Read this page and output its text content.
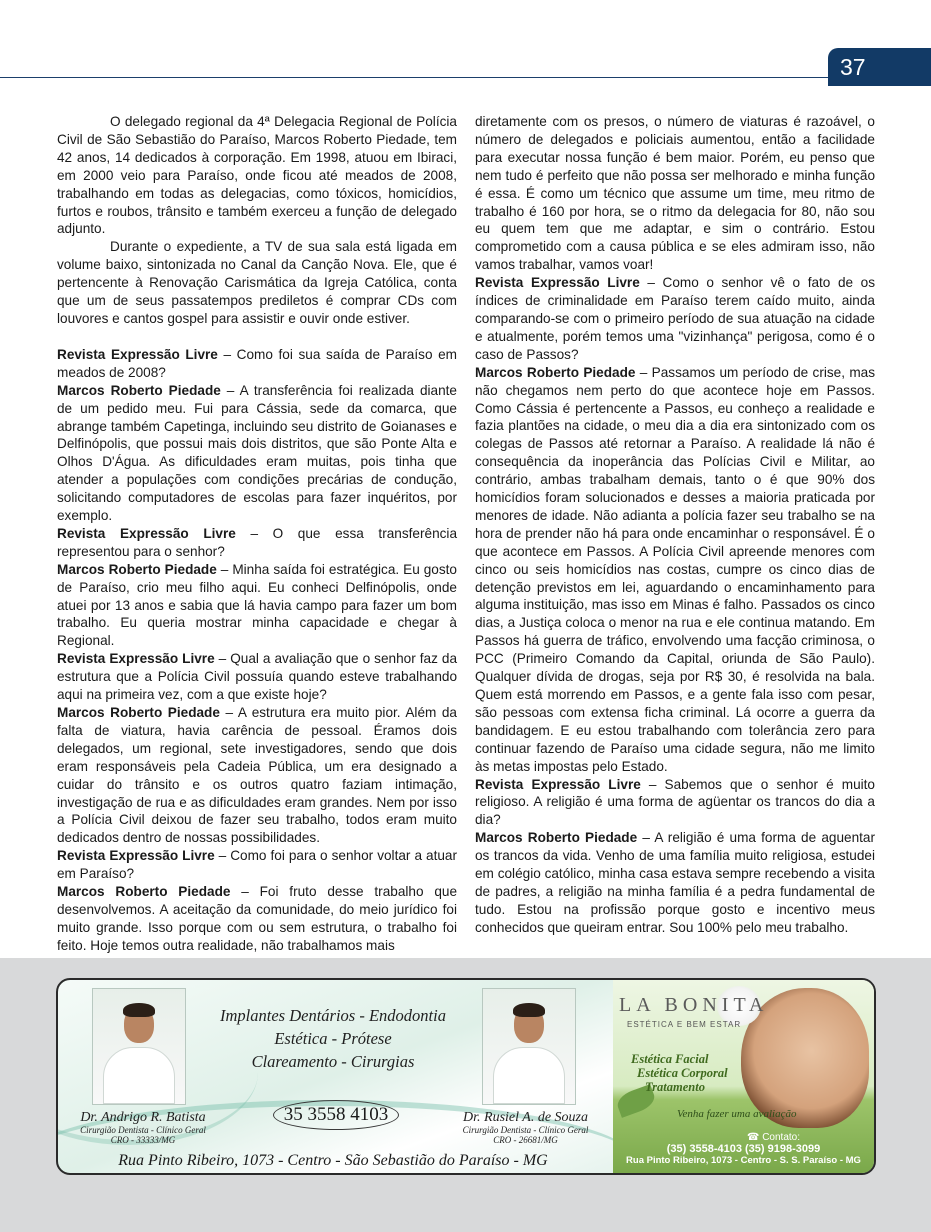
37

O delegado regional da 4ª Delegacia Regional de Polícia Civil de São Sebastião do Paraíso, Marcos Roberto Piedade, tem 42 anos, 14 dedicados à corporação. Em 1998, atuou em Ibiraci, em 2000 veio para Paraíso, onde ficou até meados de 2008, trabalhando em todas as delegacias, como tóxicos, homicídios, furtos e roubos, trânsito e também exerceu a função de delegado adjunto.

Durante o expediente, a TV de sua sala está ligada em volume baixo, sintonizada no Canal da Canção Nova. Ele, que é pertencente à Renovação Carismática da Igreja Católica, conta que um de seus passatempos prediletos é comprar CDs com louvores e cantos gospel para assistir e ouvir onde estiver.

Revista Expressão Livre – Como foi sua saída de Paraíso em meados de 2008?

Marcos Roberto Piedade – A transferência foi realizada diante de um pedido meu. Fui para Cássia, sede da comarca, que abrange também Capetinga, incluindo seu distrito de Goianases e Delfinópolis, que possui mais dois distritos, que são Ponte Alta e Olhos D'Água. As dificuldades eram muitas, pois tinha que atender a populações com condições precárias de condução, solicitando computadores de escolas para fazer inquéritos, por exemplo.

Revista Expressão Livre – O que essa transferência representou para o senhor?

Marcos Roberto Piedade – Minha saída foi estratégica. Eu gosto de Paraíso, crio meu filho aqui. Eu conheci Delfinópolis, onde atuei por 13 anos e sabia que lá havia campo para fazer um bom trabalho. Eu queria mostrar minha capacidade e chegar à Regional.

Revista Expressão Livre – Qual a avaliação que o senhor faz da estrutura que a Polícia Civil possuía quando esteve trabalhando aqui na primeira vez, com a que existe hoje?

Marcos Roberto Piedade – A estrutura era muito pior. Além da falta de viatura, havia carência de pessoal. Éramos dois delegados, um regional, sete investigadores, sendo que dois eram responsáveis pela Cadeia Pública, um era designado a cuidar do trânsito e os outros quatro faziam intimação, investigação de rua e as dificuldades eram grandes. Nem por isso a Polícia Civil deixou de fazer seu trabalho, todos eram muito dedicados dentro de nossas possibilidades.

Revista Expressão Livre – Como foi para o senhor voltar a atuar em Paraíso?

Marcos Roberto Piedade – Foi fruto desse trabalho que desenvolvemos. A aceitação da comunidade, do meio jurídico foi muito grande. Isso porque com ou sem estrutura, o trabalho foi feito. Hoje temos outra realidade, não trabalhamos mais

diretamente com os presos, o número de viaturas é razoável, o número de delegados e policiais aumentou, então a facilidade para executar nossa função é bem maior. Porém, eu penso que nem tudo é perfeito que não possa ser melhorado e minha função é essa. É como um técnico que assume um time, meu ritmo de trabalho é 160 por hora, se o ritmo da delegacia for 80, não sou eu quem tem que me adaptar, e sim o contrário. Estou comprometido com a causa pública e se eles admiram isso, não vamos trabalhar, vamos voar!

Revista Expressão Livre – Como o senhor vê o fato de os índices de criminalidade em Paraíso terem caído muito, ainda comparando-se com o primeiro período de sua atuação na cidade e atualmente, porém temos uma "vizinhança" perigosa, como é o caso de Passos?

Marcos Roberto Piedade – Passamos um período de crise, mas não chegamos nem perto do que acontece hoje em Passos. Como Cássia é pertencente a Passos, eu conheço a realidade e fazia plantões na cidade, o meu dia a dia era sintonizado com os colegas de Passos até retornar a Paraíso. A realidade lá não é consequência da inoperância das Polícias Civil e Militar, ao contrário, ambas trabalham demais, tanto o é que 90% dos homicídios foram solucionados e desses a maioria praticada por menores de idade. Não adianta a polícia fazer seu trabalho se na hora de prender não há para onde encaminhar o responsável. É o que acontece em Passos. A Polícia Civil apreende menores com cinco ou seis homicídios nas costas, cumpre os cinco dias de detenção previstos em lei, aguardando o encaminhamento para alguma instituição, mas isso em Minas é falho. Passados os cinco dias, a Justiça coloca o menor na rua e ele continua matando. Em Passos há guerra de tráfico, envolvendo uma facção criminosa, o PCC (Primeiro Comando da Capital, oriunda de São Paulo). Qualquer dívida de drogas, seja por R$ 30, é resolvida na bala. Quem está morrendo em Passos, e a gente fala isso com pesar, são pessoas com extensa ficha criminal. Lá ocorre a guerra da bandidagem. E eu estou trabalhando com tolerância zero para continuar fazendo de Paraíso uma cidade segura, não me limito às metas impostas pelo Estado.

Revista Expressão Livre – Sabemos que o senhor é muito religioso. A religião é uma forma de agüentar os trancos do dia a dia?

Marcos Roberto Piedade – A religião é uma forma de aguentar os trancos da vida. Venho de uma família muito religiosa, estudei em colégio católico, minha casa estava sempre recebendo a visita de padres, a religião na minha família é a pedra fundamental de tudo. Estou na profissão porque gosto e incentivo meus conhecidos que queiram entrar. Sou 100% pelo meu trabalho.

Implantes Dentários - Endodontia
Estética - Prótese
Clareamento - Cirurgias
35 3558 4103
Dr. Andrigo R. Batista
Cirurgião Dentista - Clínico Geral
CRO - 33333/MG
Dr. Rusiel A. de Souza
Cirurgião Dentista - Clínico Geral
CRO - 26681/MG
Rua Pinto Ribeiro, 1073 - Centro - São Sebastião do Paraíso - MG
LA BONITA
ESTÉTICA E BEM ESTAR
Estética Facial
Estética Corporal
Tratamento
Venha fazer uma avaliação
☎ Contato:
(35) 3558-4103 (35) 9198-3099
Rua Pinto Ribeiro, 1073 - Centro - S. S. Paraíso - MG
